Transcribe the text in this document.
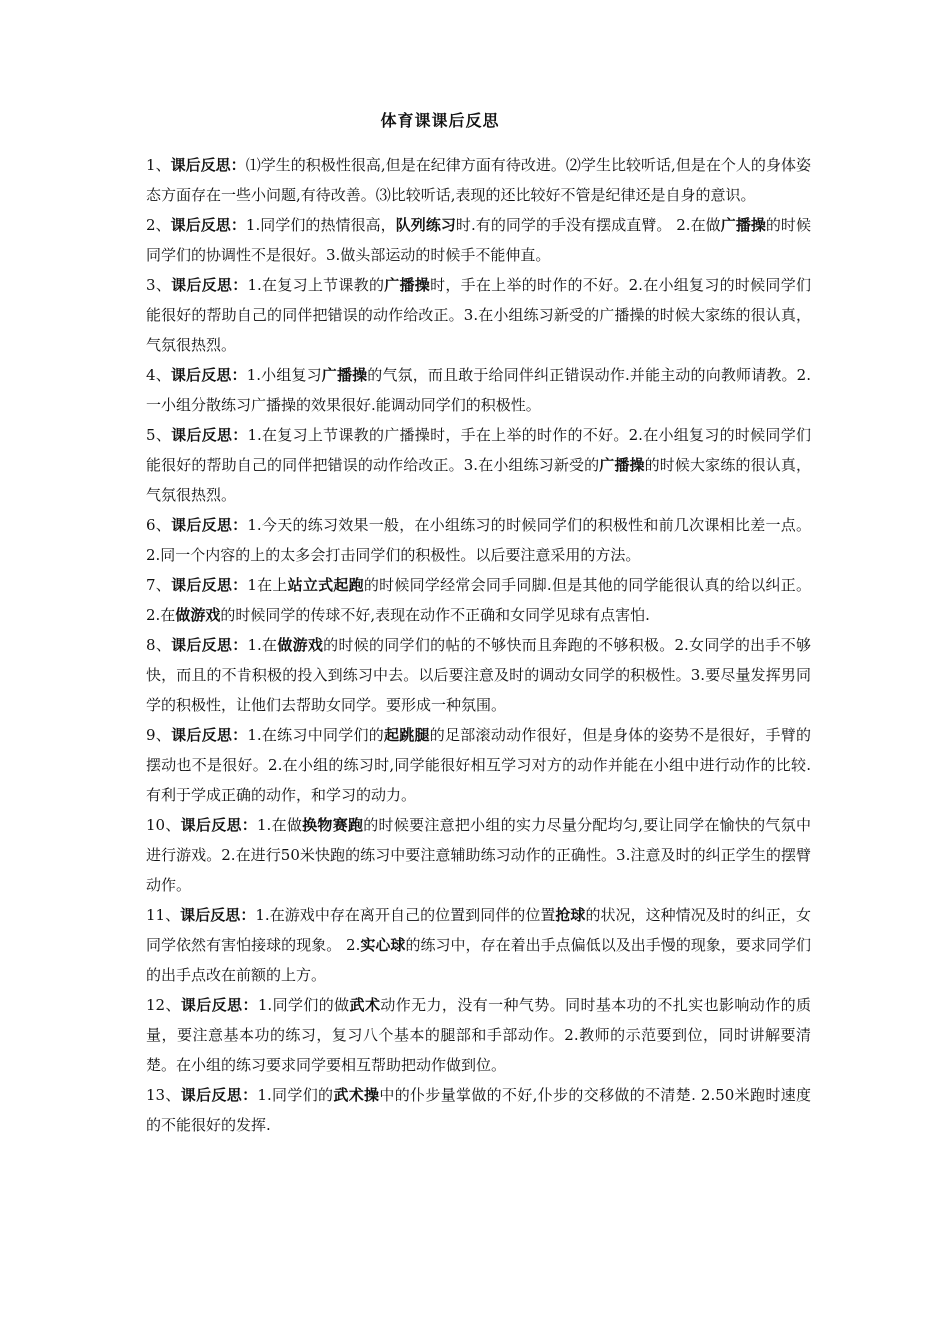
体育课课后反思

1、课后反思：⑴学生的积极性很高,但是在纪律方面有待改进。⑵学生比较听话,但是在个人的身体姿态方面存在一些小问题,有待改善。⑶比较听话,表现的还比较好不管是纪律还是自身的意识。

2、课后反思：1.同学们的热情很高，队列练习时.有的同学的手没有摆成直臂。 2.在做广播操的时候同学们的协调性不是很好。3.做头部运动的时候手不能伸直。

3、课后反思：1.在复习上节课教的广播操时，手在上举的时作的不好。2.在小组复习的时候同学们能很好的帮助自己的同伴把错误的动作给改正。3.在小组练习新受的广播操的时候大家练的很认真，气氛很热烈。

4、课后反思：1.小组复习广播操的气氛，而且敢于给同伴纠正错误动作.并能主动的向教师请教。2.一小组分散练习广播操的效果很好.能调动同学们的积极性。

5、课后反思：1.在复习上节课教的广播操时，手在上举的时作的不好。2.在小组复习的时候同学们能很好的帮助自己的同伴把错误的动作给改正。3.在小组练习新受的广播操的时候大家练的很认真，气氛很热烈。

6、课后反思：1.今天的练习效果一般，在小组练习的时候同学们的积极性和前几次课相比差一点。2.同一个内容的上的太多会打击同学们的积极性。以后要注意采用的方法。

7、课后反思：1在上站立式起跑的时候同学经常会同手同脚.但是其他的同学能很认真的给以纠正。2.在做游戏的时候同学的传球不好,表现在动作不正确和女同学见球有点害怕.

8、课后反思：1.在做游戏的时候的同学们的帖的不够快而且奔跑的不够积极。2.女同学的出手不够快，而且的不肯积极的投入到练习中去。以后要注意及时的调动女同学的积极性。3.要尽量发挥男同学的积极性，让他们去帮助女同学。要形成一种氛围。

9、课后反思：1.在练习中同学们的起跳腿的足部滚动动作很好，但是身体的姿势不是很好，手臂的摆动也不是很好。2.在小组的练习时,同学能很好相互学习对方的动作并能在小组中进行动作的比较.有利于学成正确的动作，和学习的动力。

10、课后反思：1.在做换物赛跑的时候要注意把小组的实力尽量分配均匀,要让同学在愉快的气氛中进行游戏。2.在进行50米快跑的练习中要注意辅助练习动作的正确性。3.注意及时的纠正学生的摆臂动作。

11、课后反思：1.在游戏中存在离开自己的位置到同伴的位置抢球的状况，这种情况及时的纠正，女同学依然有害怕接球的现象。 2.实心球的练习中，存在着出手点偏低以及出手慢的现象，要求同学们的出手点改在前额的上方。

12、课后反思：1.同学们的做武术动作无力，没有一种气势。同时基本功的不扎实也影响动作的质量，要注意基本功的练习，复习八个基本的腿部和手部动作。2.教师的示范要到位，同时讲解要清楚。在小组的练习要求同学要相互帮助把动作做到位。

13、课后反思：1.同学们的武术操中的仆步量掌做的不好,仆步的交移做的不清楚. 2.50米跑时速度的不能很好的发挥.
